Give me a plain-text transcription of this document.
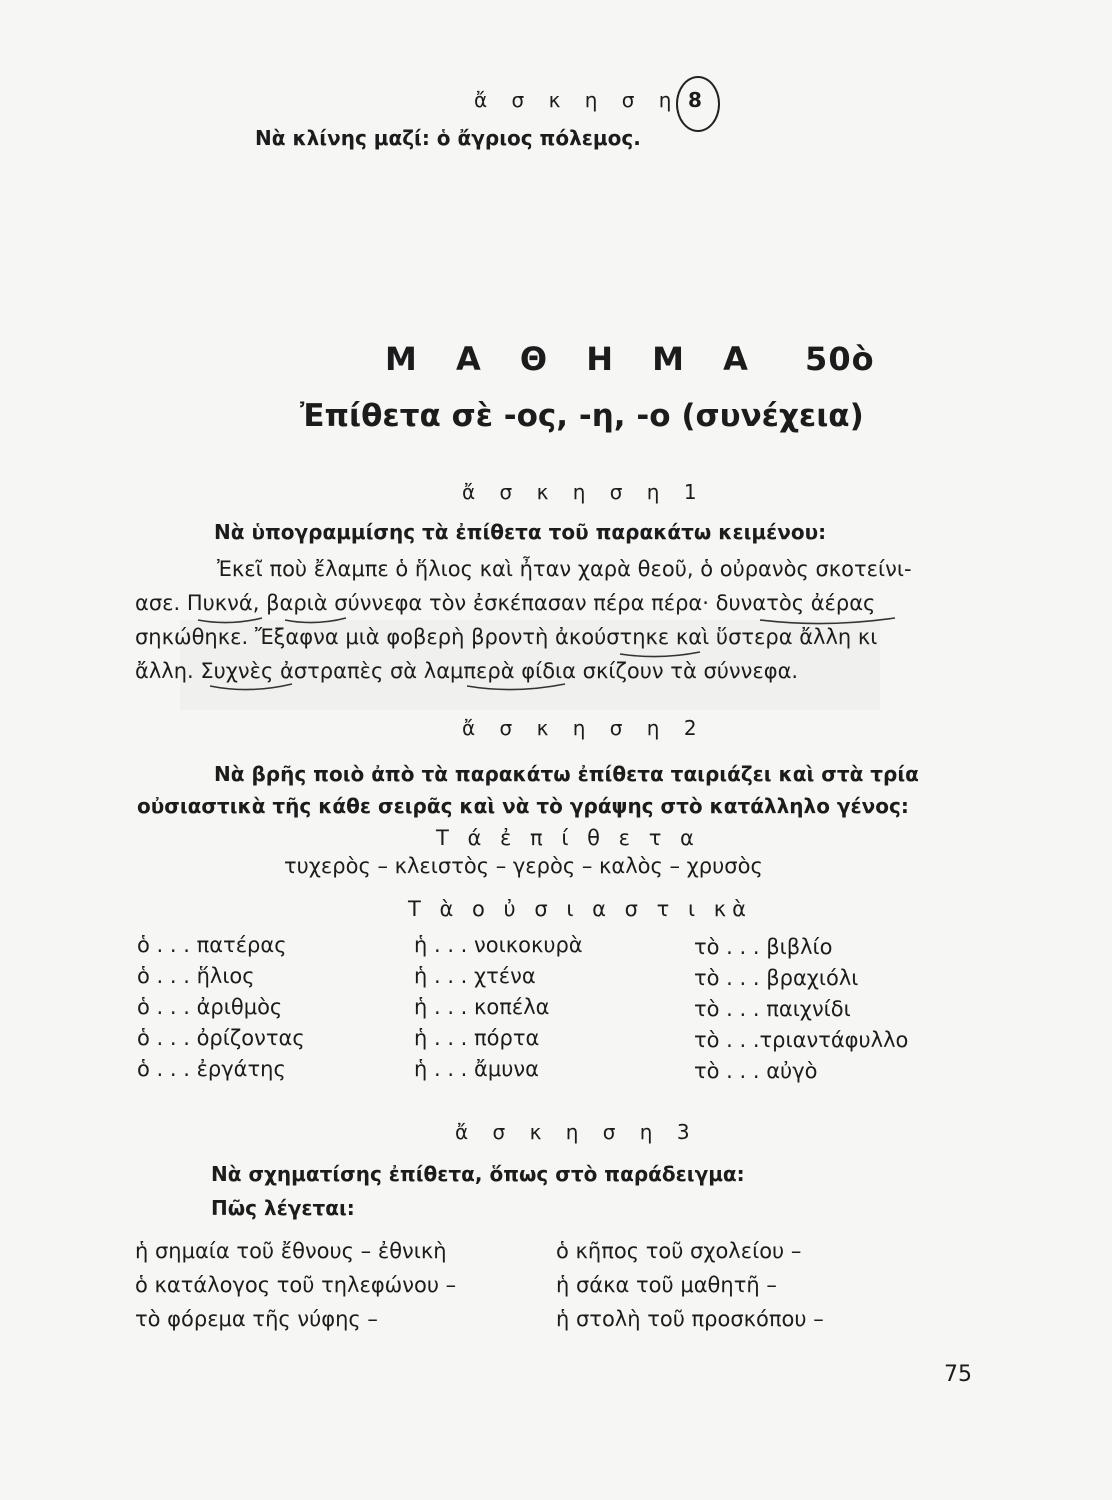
ἄ σ κ η σ η 8
Νὰ κλίνης μαζί: ὁ ἄγριος πόλεμος.
Μ Α Θ Η Μ Α 50ὸ
Ἐπίθετα σὲ -ος, -η, -ο (συνέχεια)
ἄ σ κ η σ η 1
Νὰ ὑπογραμμίσης τὰ ἐπίθετα τοῦ παρακάτω κειμένου:
Ἐκεῖ ποὺ ἔλαμπε ὁ ἥλιος καὶ ἦταν χαρὰ θεοῦ, ὁ οὐρανὸς σκοτείνι-
ασε. Πυκνά, βαριὰ σύννεφα τὸν ἐσκέπασαν πέρα πέρα· δυνατὸς ἀέρας
σηκώθηκε. Ἔξαφνα μιὰ φοβερὴ βροντὴ ἀκούστηκε καὶ ὕστερα ἄλλη κι
ἄλλη. Συχνὲς ἀστραπὲς σὰ λαμπερὰ φίδια σκίζουν τὰ σύννεφα.
ἄ σ κ η σ η 2
Νὰ βρῆς ποιὸ ἀπὸ τὰ παρακάτω ἐπίθετα ταιριάζει καὶ στὰ τρία
οὐσιαστικὰ τῆς κάθε σειρᾶς καὶ νὰ τὸ γράψης στὸ κατάλληλο γένος:
Τ ά ἐ π ί θ ε τ α
τυχερὸς – κλειστὸς – γερὸς – καλὸς – χρυσὸς
Τ ὰ ο ὐ σ ι α σ τ ι κὰ
ὁ . . . πατέρας
ὁ . . . ἥλιος
ὁ . . . ἀριθμὸς
ὁ . . . ὀρίζοντας
ὁ . . . ἐργάτης
ἡ . . . νοικοκυρὰ
ἡ . . . χτένα
ἡ . . . κοπέλα
ἡ . . . πόρτα
ἡ . . . ἄμυνα
τὸ . . . βιβλίο
τὸ . . . βραχιόλι
τὸ . . . παιχνίδι
τὸ . . .τριαντάφυλλο
τὸ . . . αὐγὸ
ἄ σ κ η σ η 3
Νὰ σχηματίσης ἐπίθετα, ὅπως στὸ παράδειγμα:
Πῶς λέγεται:
ἡ σημαία τοῦ ἔθνους – ἐθνικὴ
ὁ κατάλογος τοῦ τηλεφώνου –
τὸ φόρεμα τῆς νύφης –
ὁ κῆπος τοῦ σχολείου –
ἡ σάκα τοῦ μαθητῆ –
ἡ στολὴ τοῦ προσκόπου –
75
